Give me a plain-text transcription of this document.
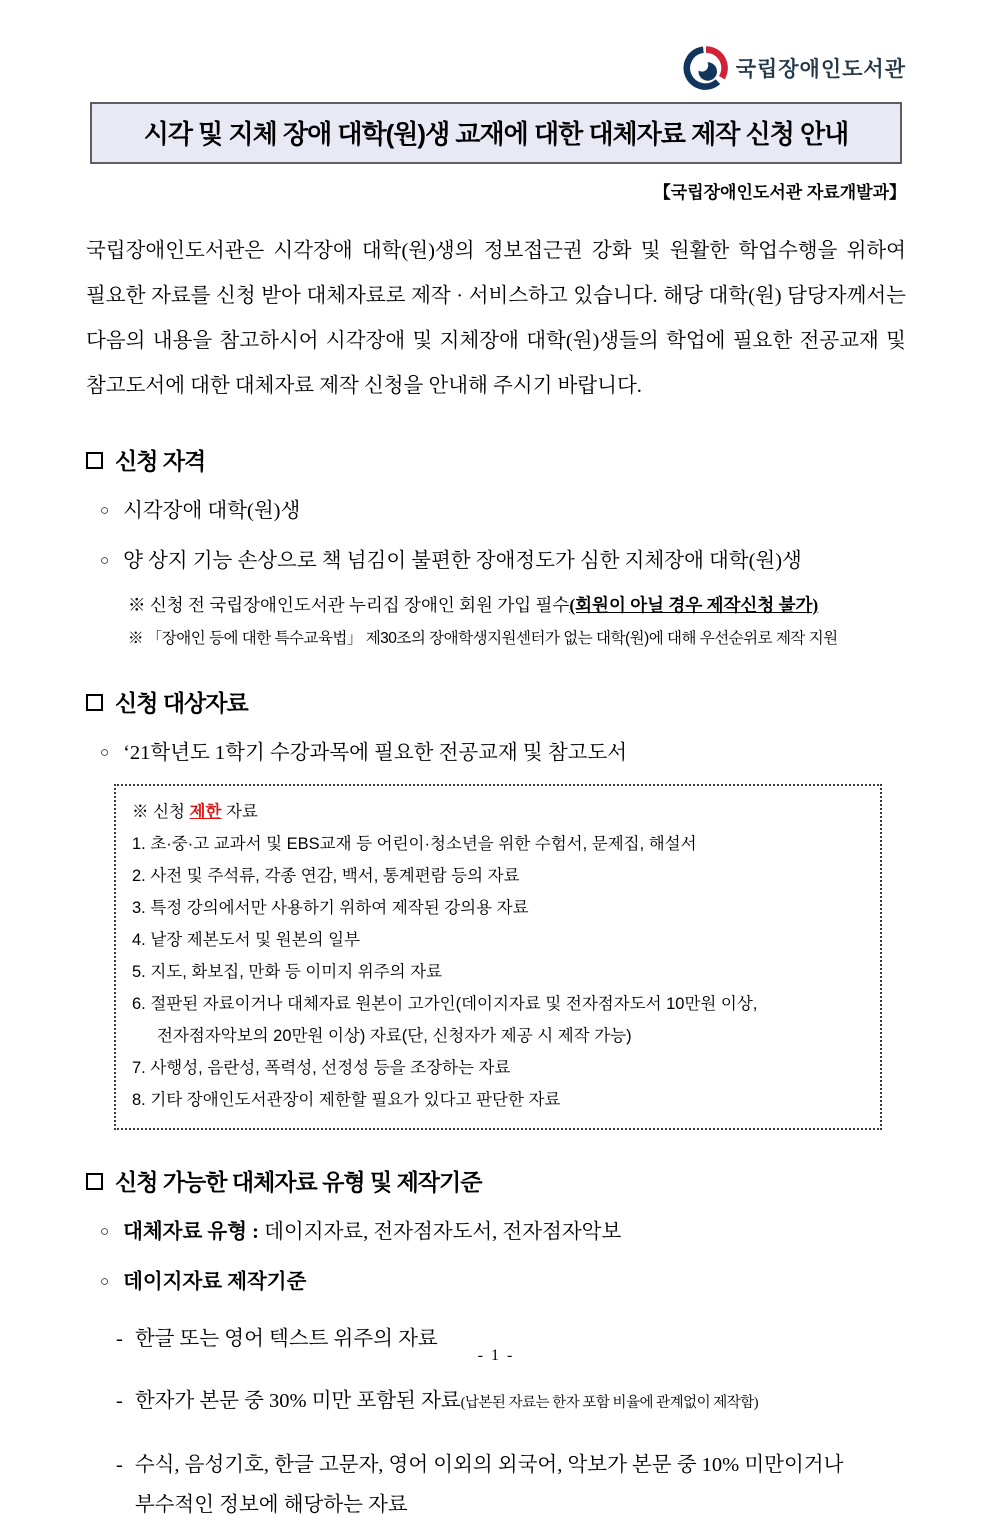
국립장애인도서관
시각 및 지체 장애 대학(원)생 교재에 대한 대체자료 제작 신청 안내
【국립장애인도서관 자료개발과】

국립장애인도서관은 시각장애 대학(원)생의 정보접근권 강화 및 원활한 학업수행을 위하여 필요한 자료를 신청 받아 대체자료로 제작 · 서비스하고 있습니다. 해당 대학(원) 담당자께서는 다음의 내용을 참고하시어 시각장애 및 지체장애 대학(원)생들의 학업에 필요한 전공교재 및 참고도서에 대한 대체자료 제작 신청을 안내해 주시기 바랍니다.

신청 자격
○ 시각장애 대학(원)생
○ 양 상지 기능 손상으로 책 넘김이 불편한 장애정도가 심한 지체장애 대학(원)생
※ 신청 전 국립장애인도서관 누리집 장애인 회원 가입 필수(회원이 아닐 경우 제작신청 불가)
※ 「장애인 등에 대한 특수교육법」 제30조의 장애학생지원센터가 없는 대학(원)에 대해 우선순위로 제작 지원
신청 대상자료
○ ‘21학년도 1학기 수강과목에 필요한 전공교재 및 참고도서
※ 신청 제한 자료
1. 초·중·고 교과서 및 EBS교재 등 어린이·청소년을 위한 수험서, 문제집, 해설서
2. 사전 및 주석류, 각종 연감, 백서, 통계편람 등의 자료
3. 특정 강의에서만 사용하기 위하여 제작된 강의용 자료
4. 낱장 제본도서 및 원본의 일부
5. 지도, 화보집, 만화 등 이미지 위주의 자료
6. 절판된 자료이거나 대체자료 원본이 고가인(데이지자료 및 전자점자도서 10만원 이상, 전자점자악보의 20만원 이상) 자료(단, 신청자가 제공 시 제작 가능)
7. 사행성, 음란성, 폭력성, 선정성 등을 조장하는 자료
8. 기타 장애인도서관장이 제한할 필요가 있다고 판단한 자료
신청 가능한 대체자료 유형 및 제작기준
○ 대체자료 유형 : 데이지자료, 전자점자도서, 전자점자악보
○ 데이지자료 제작기준
- 한글 또는 영어 텍스트 위주의 자료
- 한자가 본문 중 30% 미만 포함된 자료(납본된 자료는 한자 포함 비율에 관계없이 제작함)
- 수식, 음성기호, 한글 고문자, 영어 이외의 외국어, 악보가 본문 중 10% 미만이거나 부수적인 정보에 해당하는 자료
- 1 -
